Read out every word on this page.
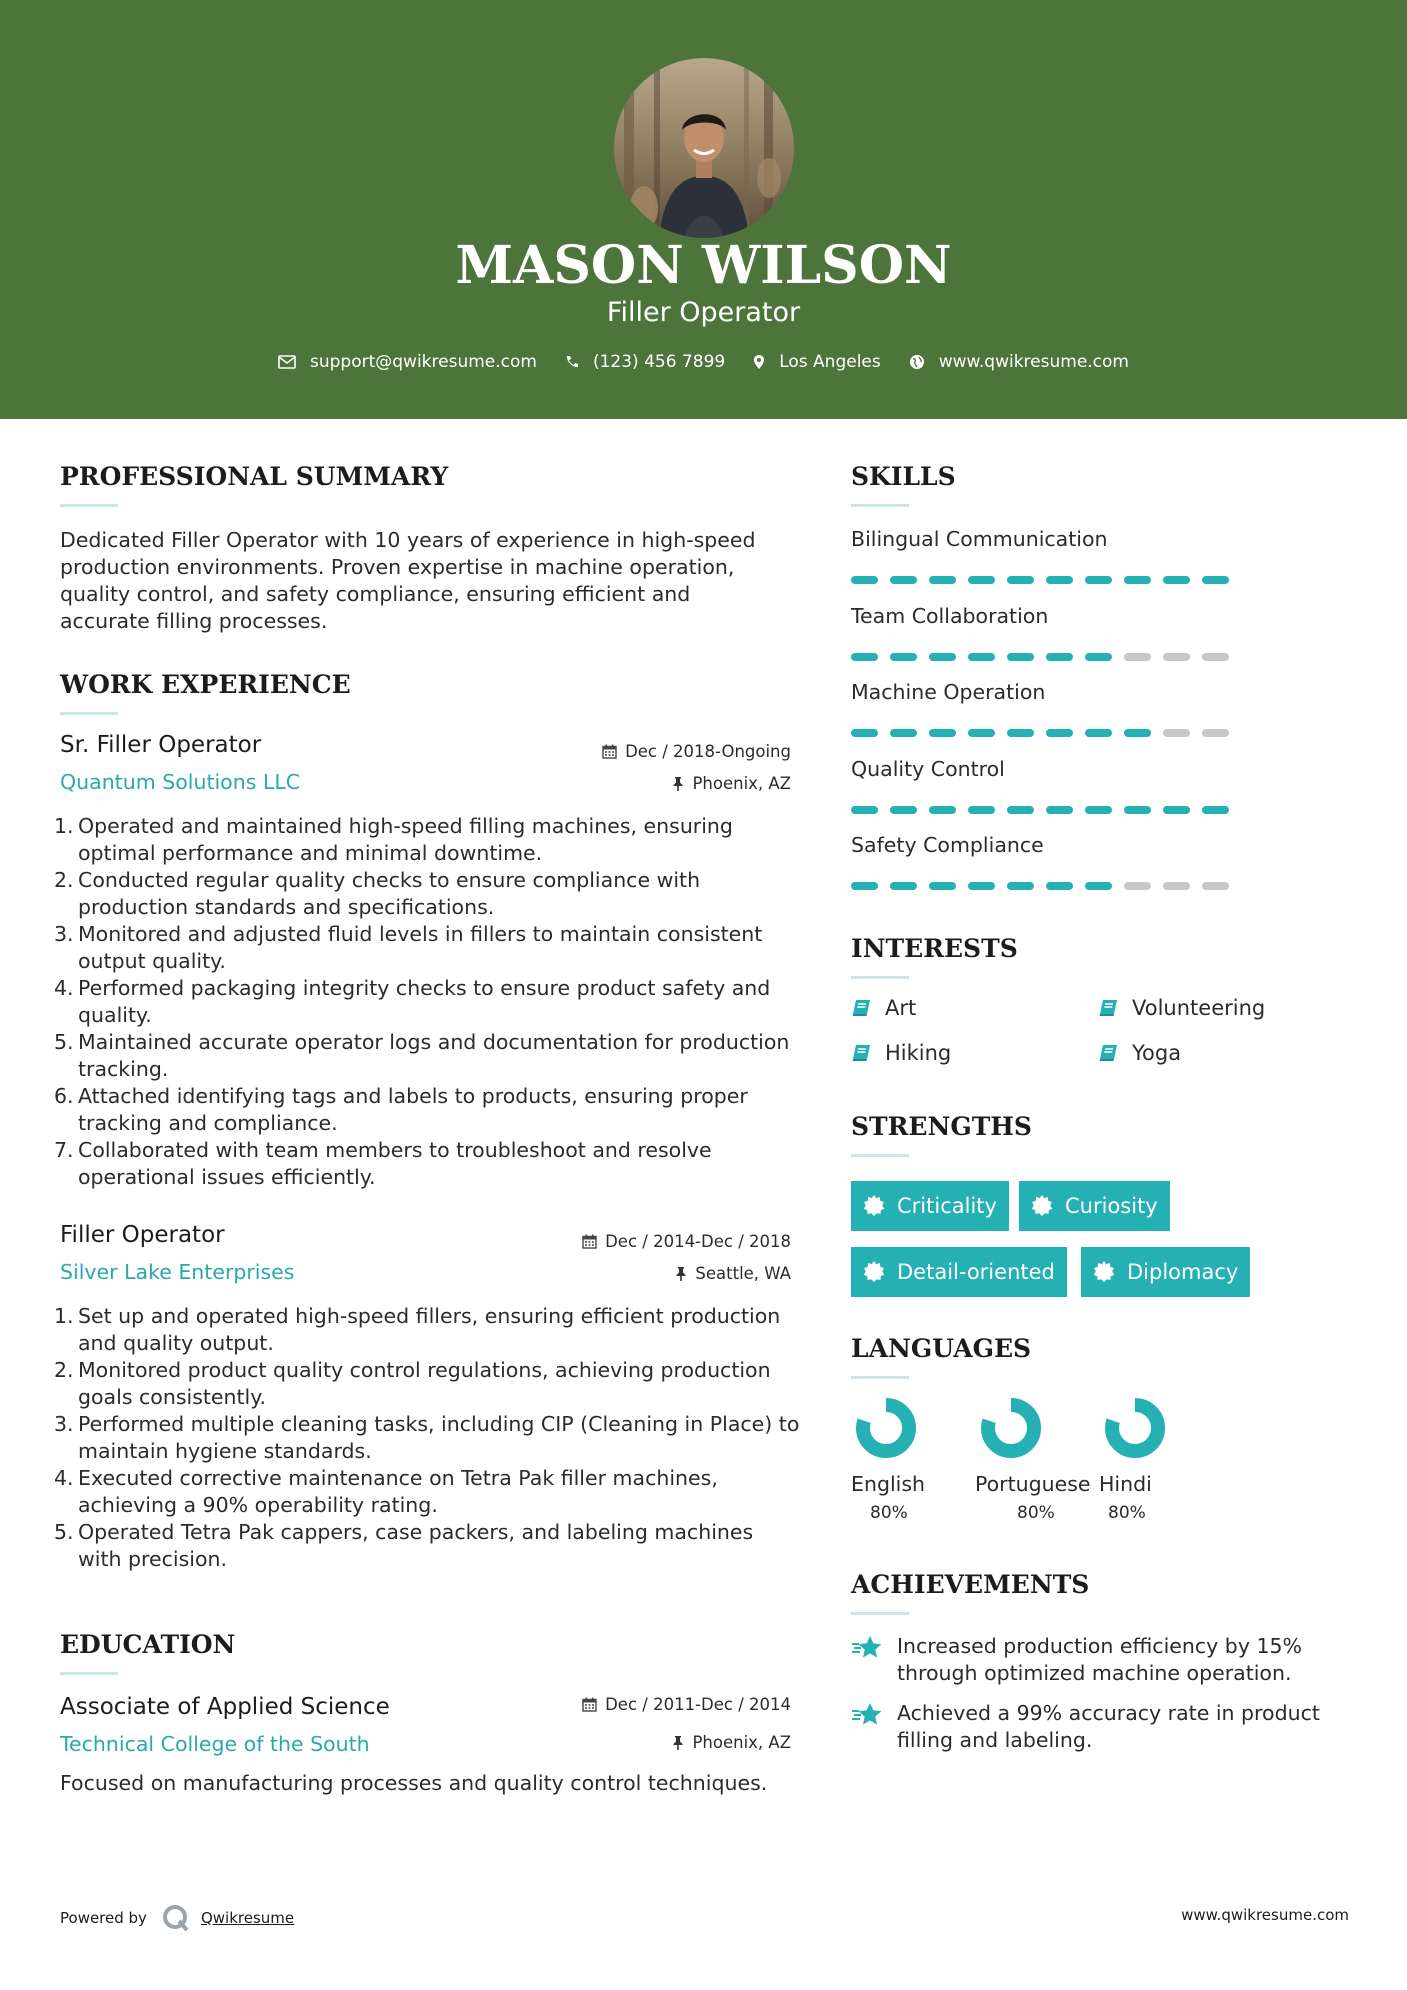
MASON WILSON
Filler Operator
support@qwikresume.com	(123) 456 7899	Los Angeles	www.qwikresume.com
PROFESSIONAL SUMMARY
Dedicated Filler Operator with 10 years of experience in high-speed production environments. Proven expertise in machine operation, quality control, and safety compliance, ensuring efficient and accurate filling processes.
WORK EXPERIENCE
Sr. Filler Operator
Quantum Solutions LLC
Dec / 2018-Ongoing
Phoenix, AZ
1. Operated and maintained high-speed filling machines, ensuring optimal performance and minimal downtime.
2. Conducted regular quality checks to ensure compliance with production standards and specifications.
3. Monitored and adjusted fluid levels in fillers to maintain consistent output quality.
4. Performed packaging integrity checks to ensure product safety and quality.
5. Maintained accurate operator logs and documentation for production tracking.
6. Attached identifying tags and labels to products, ensuring proper tracking and compliance.
7. Collaborated with team members to troubleshoot and resolve operational issues efficiently.
Filler Operator
Silver Lake Enterprises
Dec / 2014-Dec / 2018
Seattle, WA
1. Set up and operated high-speed fillers, ensuring efficient production and quality output.
2. Monitored product quality control regulations, achieving production goals consistently.
3. Performed multiple cleaning tasks, including CIP (Cleaning in Place) to maintain hygiene standards.
4. Executed corrective maintenance on Tetra Pak filler machines, achieving a 90% operability rating.
5. Operated Tetra Pak cappers, case packers, and labeling machines with precision.
EDUCATION
Associate of Applied Science
Technical College of the South
Dec / 2011-Dec / 2014
Phoenix, AZ
Focused on manufacturing processes and quality control techniques.
SKILLS
Bilingual Communication
Team Collaboration
Machine Operation
Quality Control
Safety Compliance
INTERESTS
Art	Volunteering
Hiking	Yoga
STRENGTHS
Criticality	Curiosity
Detail-oriented	Diplomacy
LANGUAGES
English
80%
Portuguese
80%
Hindi
80%
ACHIEVEMENTS
Increased production efficiency by 15% through optimized machine operation.
Achieved a 99% accuracy rate in product filling and labeling.
Powered by	Qwikresume	www.qwikresume.com
